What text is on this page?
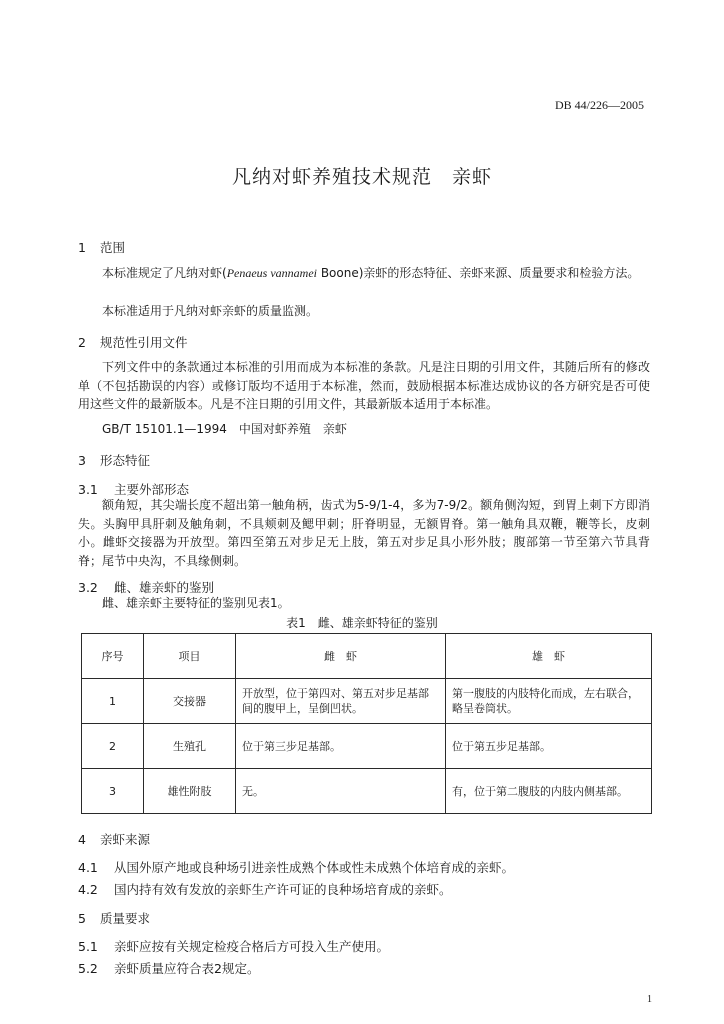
DB 44/226—2005
凡纳对虾养殖技术规范　亲虾
1 范围
本标准规定了凡纳对虾(Penaeus vannamei Boone)亲虾的形态特征、亲虾来源、质量要求和检验方法。
本标准适用于凡纳对虾亲虾的质量监测。
2 规范性引用文件
下列文件中的条款通过本标准的引用而成为本标准的条款。凡是注日期的引用文件，其随后所有的修改单（不包括勘误的内容）或修订版均不适用于本标准，然而，鼓励根据本标准达成协议的各方研究是否可使用这些文件的最新版本。凡是不注日期的引用文件，其最新版本适用于本标准。
GB/T 15101.1—1994　中国对虾养殖　亲虾
3 形态特征
3.1 主要外部形态
额角短，其尖端长度不超出第一触角柄，齿式为5-9/1-4，多为7-9/2。额角侧沟短，到胃上刺下方即消失。头胸甲具肝刺及触角刺，不具颊刺及鳃甲刺；肝脊明显，无额胃脊。第一触角具双鞭，鞭等长，皮刺小。雌虾交接器为开放型。第四至第五对步足无上肢，第五对步足具小形外肢；腹部第一节至第六节具背脊；尾节中央沟，不具缘侧刺。
3.2 雌、雄亲虾的鉴别
雌、雄亲虾主要特征的鉴别见表1。
表1　雌、雄亲虾特征的鉴别
序号	项目	雌　虾	雄　虾
1	交接器	开放型，位于第四对、第五对步足基部间的腹甲上，呈倒凹状。	第一腹肢的内肢特化而成，左右联合，略呈卷筒状。
2	生殖孔	位于第三步足基部。	位于第五步足基部。
3	雄性附肢	无。	有，位于第二腹肢的内肢内侧基部。
4 亲虾来源
4.1 从国外原产地或良种场引进亲性成熟个体或性未成熟个体培育成的亲虾。
4.2 国内持有效有发放的亲虾生产许可证的良种场培育成的亲虾。
5 质量要求
5.1 亲虾应按有关规定检疫合格后方可投入生产使用。
5.2 亲虾质量应符合表2规定。
1
